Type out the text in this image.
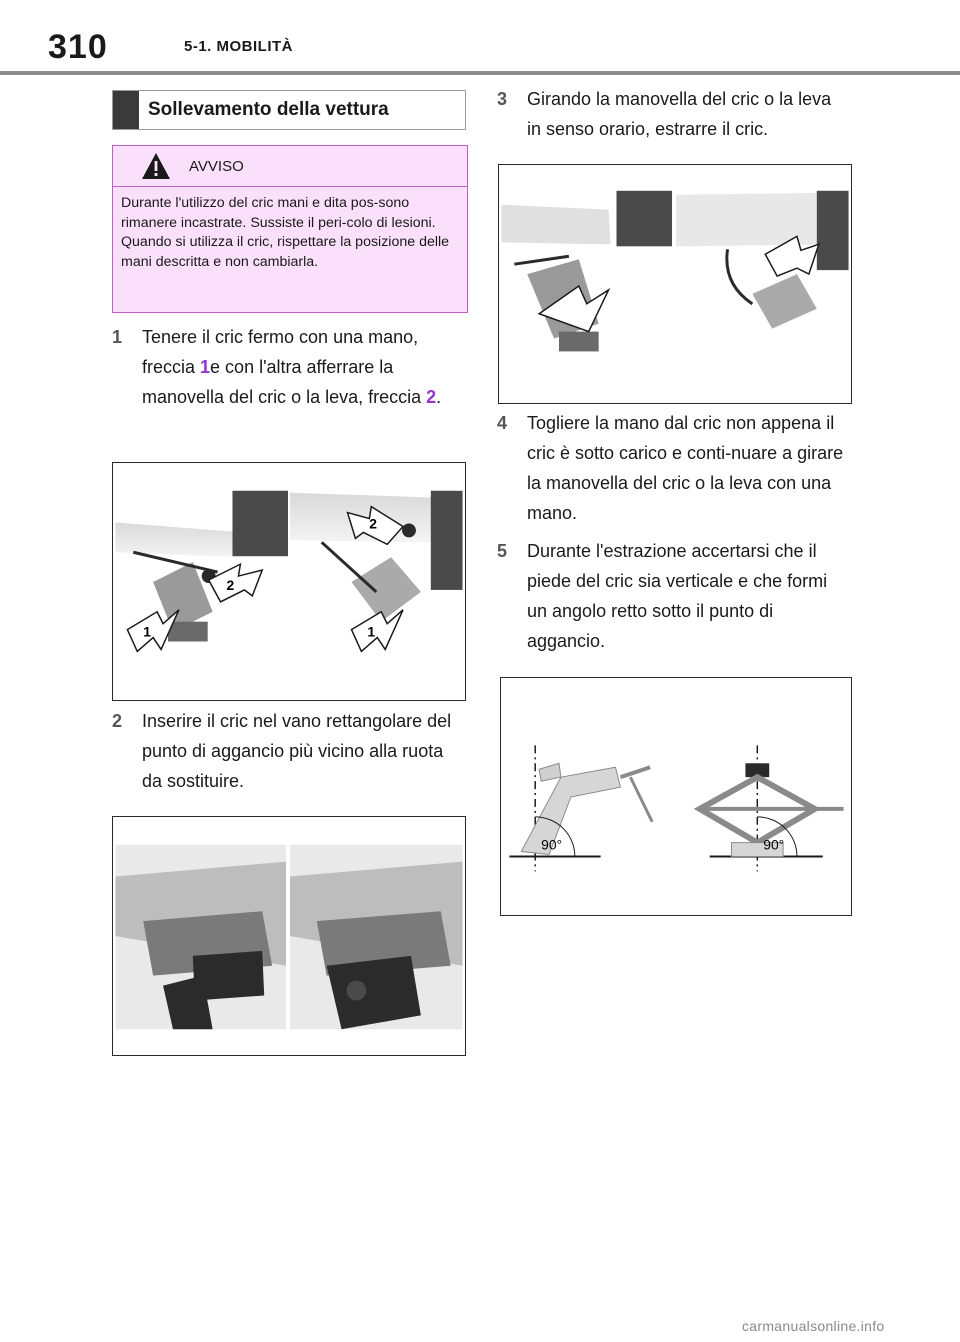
310	5-1. MOBILITÀ
Sollevamento della vettura
AVVISO
Durante l'utilizzo del cric mani e dita pos-sono rimanere incastrate. Sussiste il peri-colo di lesioni. Quando si utilizza il cric, rispettare la posizione delle mani descritta e non cambiarla.
1	Tenere il cric fermo con una mano, freccia 1e con l'altra afferrare la manovella del cric o la leva, freccia 2.
1
2
2
1
2	Inserire il cric nel vano rettangolare del punto di aggancio più vicino alla ruota da sostituire.
3	Girando la manovella del cric o la leva in senso orario, estrarre il cric.
4	Togliere la mano dal cric non appena il cric è sotto carico e conti-nuare a girare la manovella del cric o la leva con una mano.
5	Durante l'estrazione accertarsi che il piede del cric sia verticale e che formi un angolo retto sotto il punto di aggancio.
90°	90°
carmanualsonline.info
